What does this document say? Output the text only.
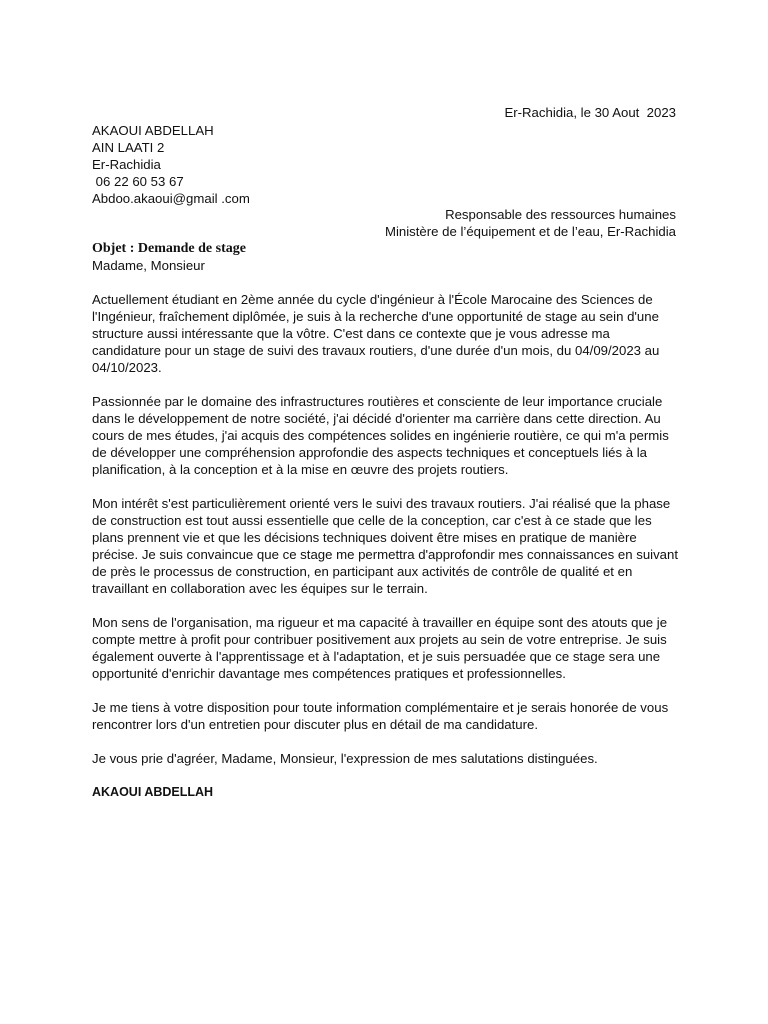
Er-Rachidia, le 30 Aout  2023
AKAOUI ABDELLAH
AIN LAATI 2
Er-Rachidia
06 22 60 53 67
Abdoo.akaoui@gmail .com
Responsable des ressources humaines
Ministère de l’équipement et de l’eau, Er-Rachidia
Objet : Demande de stage
Madame, Monsieur

Actuellement étudiant en 2ème année du cycle d'ingénieur à l'École Marocaine des Sciences de l'Ingénieur, fraîchement diplômée, je suis à la recherche d'une opportunité de stage au sein d'une structure aussi intéressante que la vôtre. C'est dans ce contexte que je vous adresse ma candidature pour un stage de suivi des travaux routiers, d'une durée d'un mois, du 04/09/2023 au 04/10/2023.

Passionnée par le domaine des infrastructures routières et consciente de leur importance cruciale dans le développement de notre société, j'ai décidé d'orienter ma carrière dans cette direction. Au cours de mes études, j'ai acquis des compétences solides en ingénierie routière, ce qui m'a permis de développer une compréhension approfondie des aspects techniques et conceptuels liés à la planification, à la conception et à la mise en œuvre des projets routiers.

Mon intérêt s'est particulièrement orienté vers le suivi des travaux routiers. J'ai réalisé que la phase de construction est tout aussi essentielle que celle de la conception, car c'est à ce stade que les plans prennent vie et que les décisions techniques doivent être mises en pratique de manière précise. Je suis convaincue que ce stage me permettra d'approfondir mes connaissances en suivant de près le processus de construction, en participant aux activités de contrôle de qualité et en travaillant en collaboration avec les équipes sur le terrain.

Mon sens de l'organisation, ma rigueur et ma capacité à travailler en équipe sont des atouts que je compte mettre à profit pour contribuer positivement aux projets au sein de votre entreprise. Je suis également ouverte à l'apprentissage et à l'adaptation, et je suis persuadée que ce stage sera une opportunité d'enrichir davantage mes compétences pratiques et professionnelles.

Je me tiens à votre disposition pour toute information complémentaire et je serais honorée de vous rencontrer lors d'un entretien pour discuter plus en détail de ma candidature.

Je vous prie d'agréer, Madame, Monsieur, l'expression de mes salutations distinguées.

AKAOUI ABDELLAH
